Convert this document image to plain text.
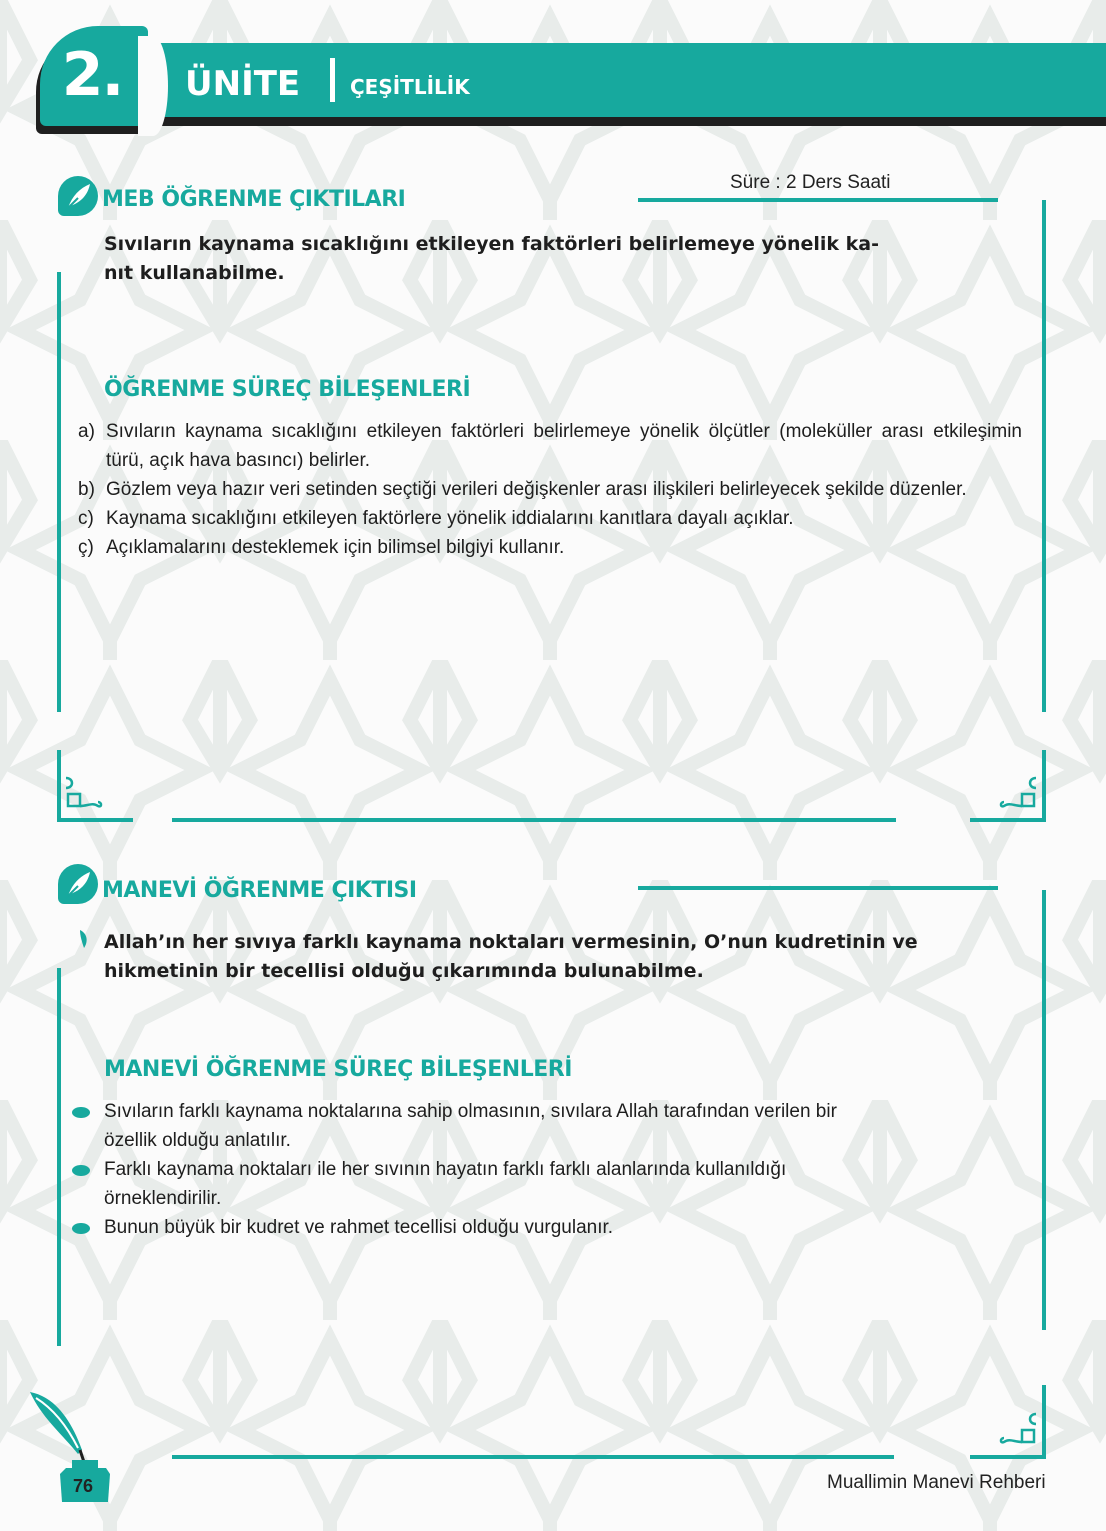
2.	ÜNİTE ÇEŞİTLİLİK
MEB ÖĞRENME ÇIKTILARI
Süre : 2 Ders Saati
Sıvıların kaynama sıcaklığını etkileyen faktörleri belirlemeye yönelik ka-
nıt kullanabilme.
ÖĞRENME SÜREÇ BİLEŞENLERİ
a) Sıvıların kaynama sıcaklığını etkileyen faktörleri belirlemeye yönelik ölçütler (moleküller arası etkileşimin türü, açık hava basıncı) belirler.
b) Gözlem veya hazır veri setinden seçtiği verileri değişkenler arası ilişkileri belirleyecek şekilde düzenler.
c) Kaynama sıcaklığını etkileyen faktörlere yönelik iddialarını kanıtlara dayalı açıklar.
ç) Açıklamalarını desteklemek için bilimsel bilgiyi kullanır.
MANEVİ ÖĞRENME ÇIKTISI
Allah’ın her sıvıya farklı kaynama noktaları vermesinin, O’nun kudretinin ve
hikmetinin bir tecellisi olduğu çıkarımında bulunabilme.
MANEVİ ÖĞRENME SÜREÇ BİLEŞENLERİ
Sıvıların farklı kaynama noktalarına sahip olmasının, sıvılara Allah tarafından verilen bir
özellik olduğu anlatılır.
Farklı kaynama noktaları ile her sıvının hayatın farklı farklı alanlarında kullanıldığı
örneklendirilir.
Bunun büyük bir kudret ve rahmet tecellisi olduğu vurgulanır.
76	Muallimin Manevi Rehberi
